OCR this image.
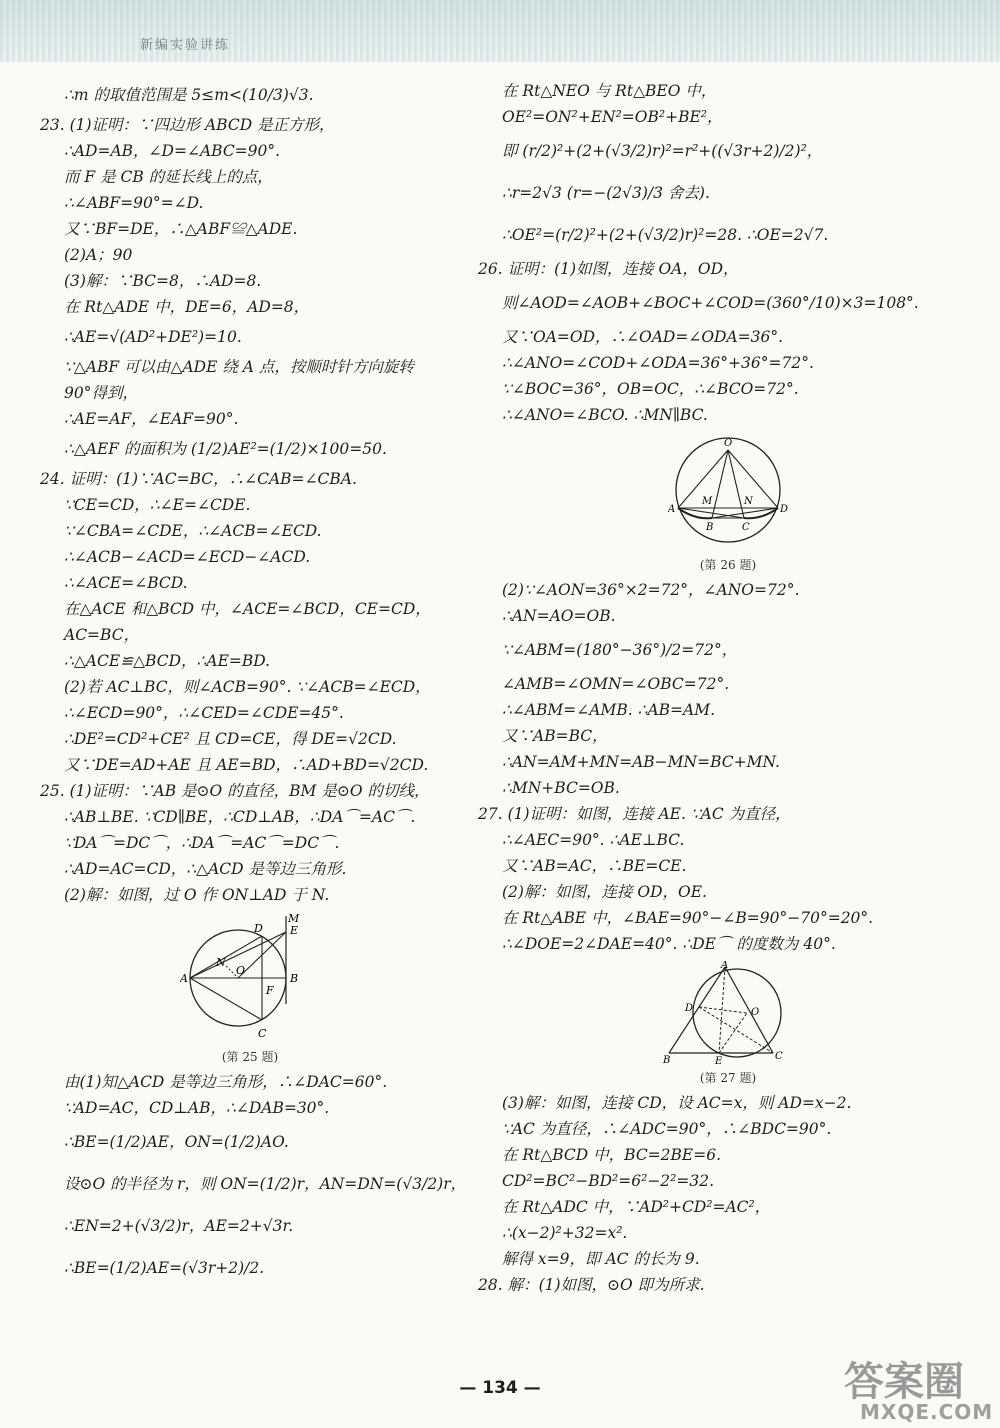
新编实验讲练
∴m 的取值范围是 5≤m<(10/3)√3.
23. (1)证明：∵四边形 ABCD 是正方形，
∴AD=AB，∠D=∠ABC=90°.
而 F 是 CB 的延长线上的点，
∴∠ABF=90°=∠D.
又∵BF=DE，∴△ABF≌△ADE.
(2)A；90
(3)解：∵BC=8，∴AD=8.
在 Rt△ADE 中，DE=6，AD=8，
∴AE=√(AD²+DE²)=10.
∵△ABF 可以由△ADE 绕 A 点，按顺时针方向旋转
90°得到，
∴AE=AF，∠EAF=90°.
∴△AEF 的面积为 (1/2)AE²=(1/2)×100=50.
24. 证明：(1)∵AC=BC，∴∠CAB=∠CBA.
∵CE=CD，∴∠E=∠CDE.
∵∠CBA=∠CDE，∴∠ACB=∠ECD.
∴∠ACB−∠ACD=∠ECD−∠ACD.
∴∠ACE=∠BCD.
在△ACE 和△BCD 中，∠ACE=∠BCD，CE=CD，
AC=BC，
∴△ACE≌△BCD，∴AE=BD.
(2)若 AC⊥BC，则∠ACB=90°. ∵∠ACB=∠ECD，
∴∠ECD=90°，∴∠CED=∠CDE=45°.
∴DE²=CD²+CE² 且 CD=CE，得 DE=√2CD.
又∵DE=AD+AE 且 AE=BD，∴AD+BD=√2CD.
25. (1)证明：∵AB 是⊙O 的直径，BM 是⊙O 的切线，
∴AB⊥BE. ∵CD∥BE，∴CD⊥AB，∴DA⌒=AC⌒.
∵DA⌒=DC⌒，∴DA⌒=AC⌒=DC⌒.
∴AD=AC=CD，∴△ACD 是等边三角形.
(2)解：如图，过 O 作 ON⊥AD 于 N.
A	B
C
D E
F
M
N
O
(第 25 题)
由(1)知△ACD 是等边三角形，∴∠DAC=60°.
∵AD=AC，CD⊥AB，∴∠DAB=30°.
∴BE=(1/2)AE，ON=(1/2)AO.
设⊙O 的半径为 r，则 ON=(1/2)r，AN=DN=(√3/2)r，
∴EN=2+(√3/2)r，AE=2+√3r.
∴BE=(1/2)AE=(√3r+2)/2.
在 Rt△NEO 与 Rt△BEO 中，
OE²=ON²+EN²=OB²+BE²，
即 (r/2)²+(2+(√3/2)r)²=r²+((√3r+2)/2)²，
∴r=2√3 (r=−(2√3)/3 舍去).
∴OE²=(r/2)²+(2+(√3/2)r)²=28. ∴OE=2√7.
26. 证明：(1)如图，连接 OA，OD，
则∠AOD=∠AOB+∠BOC+∠COD=(360°/10)×3=108°.
又∵OA=OD，∴∠OAD=∠ODA=36°.
∴∠ANO=∠COD+∠ODA=36°+36°=72°.
∵∠BOC=36°，OB=OC，∴∠BCO=72°.
∴∠ANO=∠BCO. ∴MN∥BC.
O
A	D
B	C
M	N
(第 26 题)
(2)∵∠AON=36°×2=72°，∠ANO=72°.
∴AN=AO=OB.
∵∠ABM=(180°−36°)/2=72°，
∠AMB=∠OMN=∠OBC=72°.
∴∠ABM=∠AMB. ∴AB=AM.
又∵AB=BC，
∴AN=AM+MN=AB−MN=BC+MN.
∴MN+BC=OB.
27. (1)证明：如图，连接 AE. ∵AC 为直径，
∴∠AEC=90°. ∴AE⊥BC.
又∵AB=AC，∴BE=CE.
(2)解：如图，连接 OD，OE.
在 Rt△ABE 中，∠BAE=90°−∠B=90°−70°=20°.
∴∠DOE=2∠DAE=40°. ∴DE⌒ 的度数为 40°.
A
D	O
B	E	C
(第 27 题)
(3)解：如图，连接 CD，设 AC=x，则 AD=x−2.
∵AC 为直径，∴∠ADC=90°，∴∠BDC=90°.
在 Rt△BCD 中，BC=2BE=6.
CD²=BC²−BD²=6²−2²=32.
在 Rt△ADC 中，∵AD²+CD²=AC²，
∴(x−2)²+32=x².
解得 x=9，即 AC 的长为 9.
28. 解：(1)如图，⊙O 即为所求.
— 134 —	答案圈
MXQE.COM
